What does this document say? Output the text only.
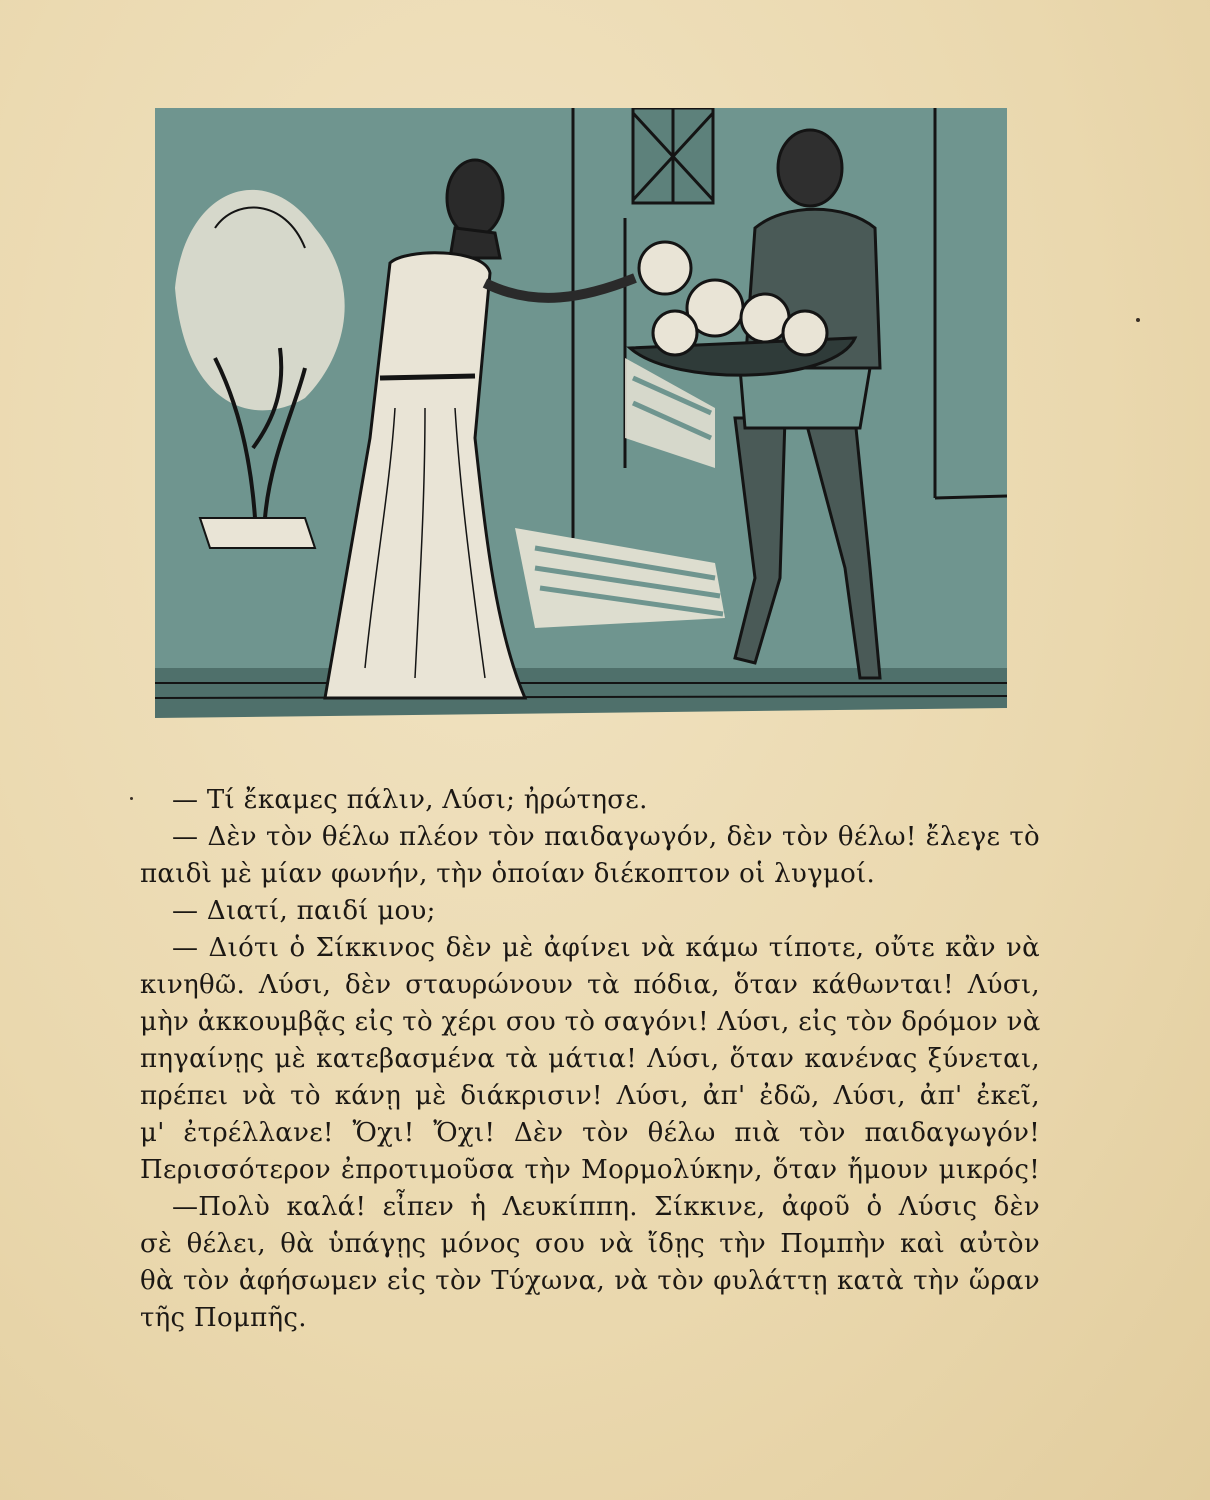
— Τί ἔκαμες πάλιν, Λύσι; ἠρώτησε.
— Δὲν τὸν θέλω πλέον τὸν παιδαγωγόν, δὲν τὸν θέλω! ἔλεγε τὸ
παιδὶ μὲ μίαν φωνήν, τὴν ὁποίαν διέκοπτον οἱ λυγμοί.
— Διατί, παιδί μου;
— Διότι ὁ Σίκκινος δὲν μὲ ἀφίνει νὰ κάμω τίποτε, οὔτε κἂν νὰ
κινηθῶ. Λύσι, δὲν σταυρώνουν τὰ πόδια, ὅταν κάθωνται! Λύσι,
μὴν ἀκκουμβᾷς εἰς τὸ χέρι σου τὸ σαγόνι! Λύσι, εἰς τὸν δρόμον νὰ
πηγαίνῃς μὲ κατεβασμένα τὰ μάτια! Λύσι, ὅταν κανένας ξύνεται,
πρέπει νὰ τὸ κάνῃ μὲ διάκρισιν! Λύσι, ἀπ' ἐδῶ, Λύσι, ἀπ' ἐκεῖ,
μ' ἐτρέλλανε! Ὄχι! Ὄχι! Δὲν τὸν θέλω πιὰ τὸν παιδαγωγόν!
Περισσότερον ἐπροτιμοῦσα τὴν Μορμολύκην, ὅταν ἤμουν μικρός!
—Πολὺ καλά! εἶπεν ἡ Λευκίππη. Σίκκινε, ἀφοῦ ὁ Λύσις δὲν
σὲ θέλει, θὰ ὑπάγῃς μόνος σου νὰ ἴδῃς τὴν Πομπὴν καὶ αὐτὸν
θὰ τὸν ἀφήσωμεν εἰς τὸν Τύχωνα, νὰ τὸν φυλάττῃ κατὰ τὴν ὥραν
τῆς Πομπῆς.
